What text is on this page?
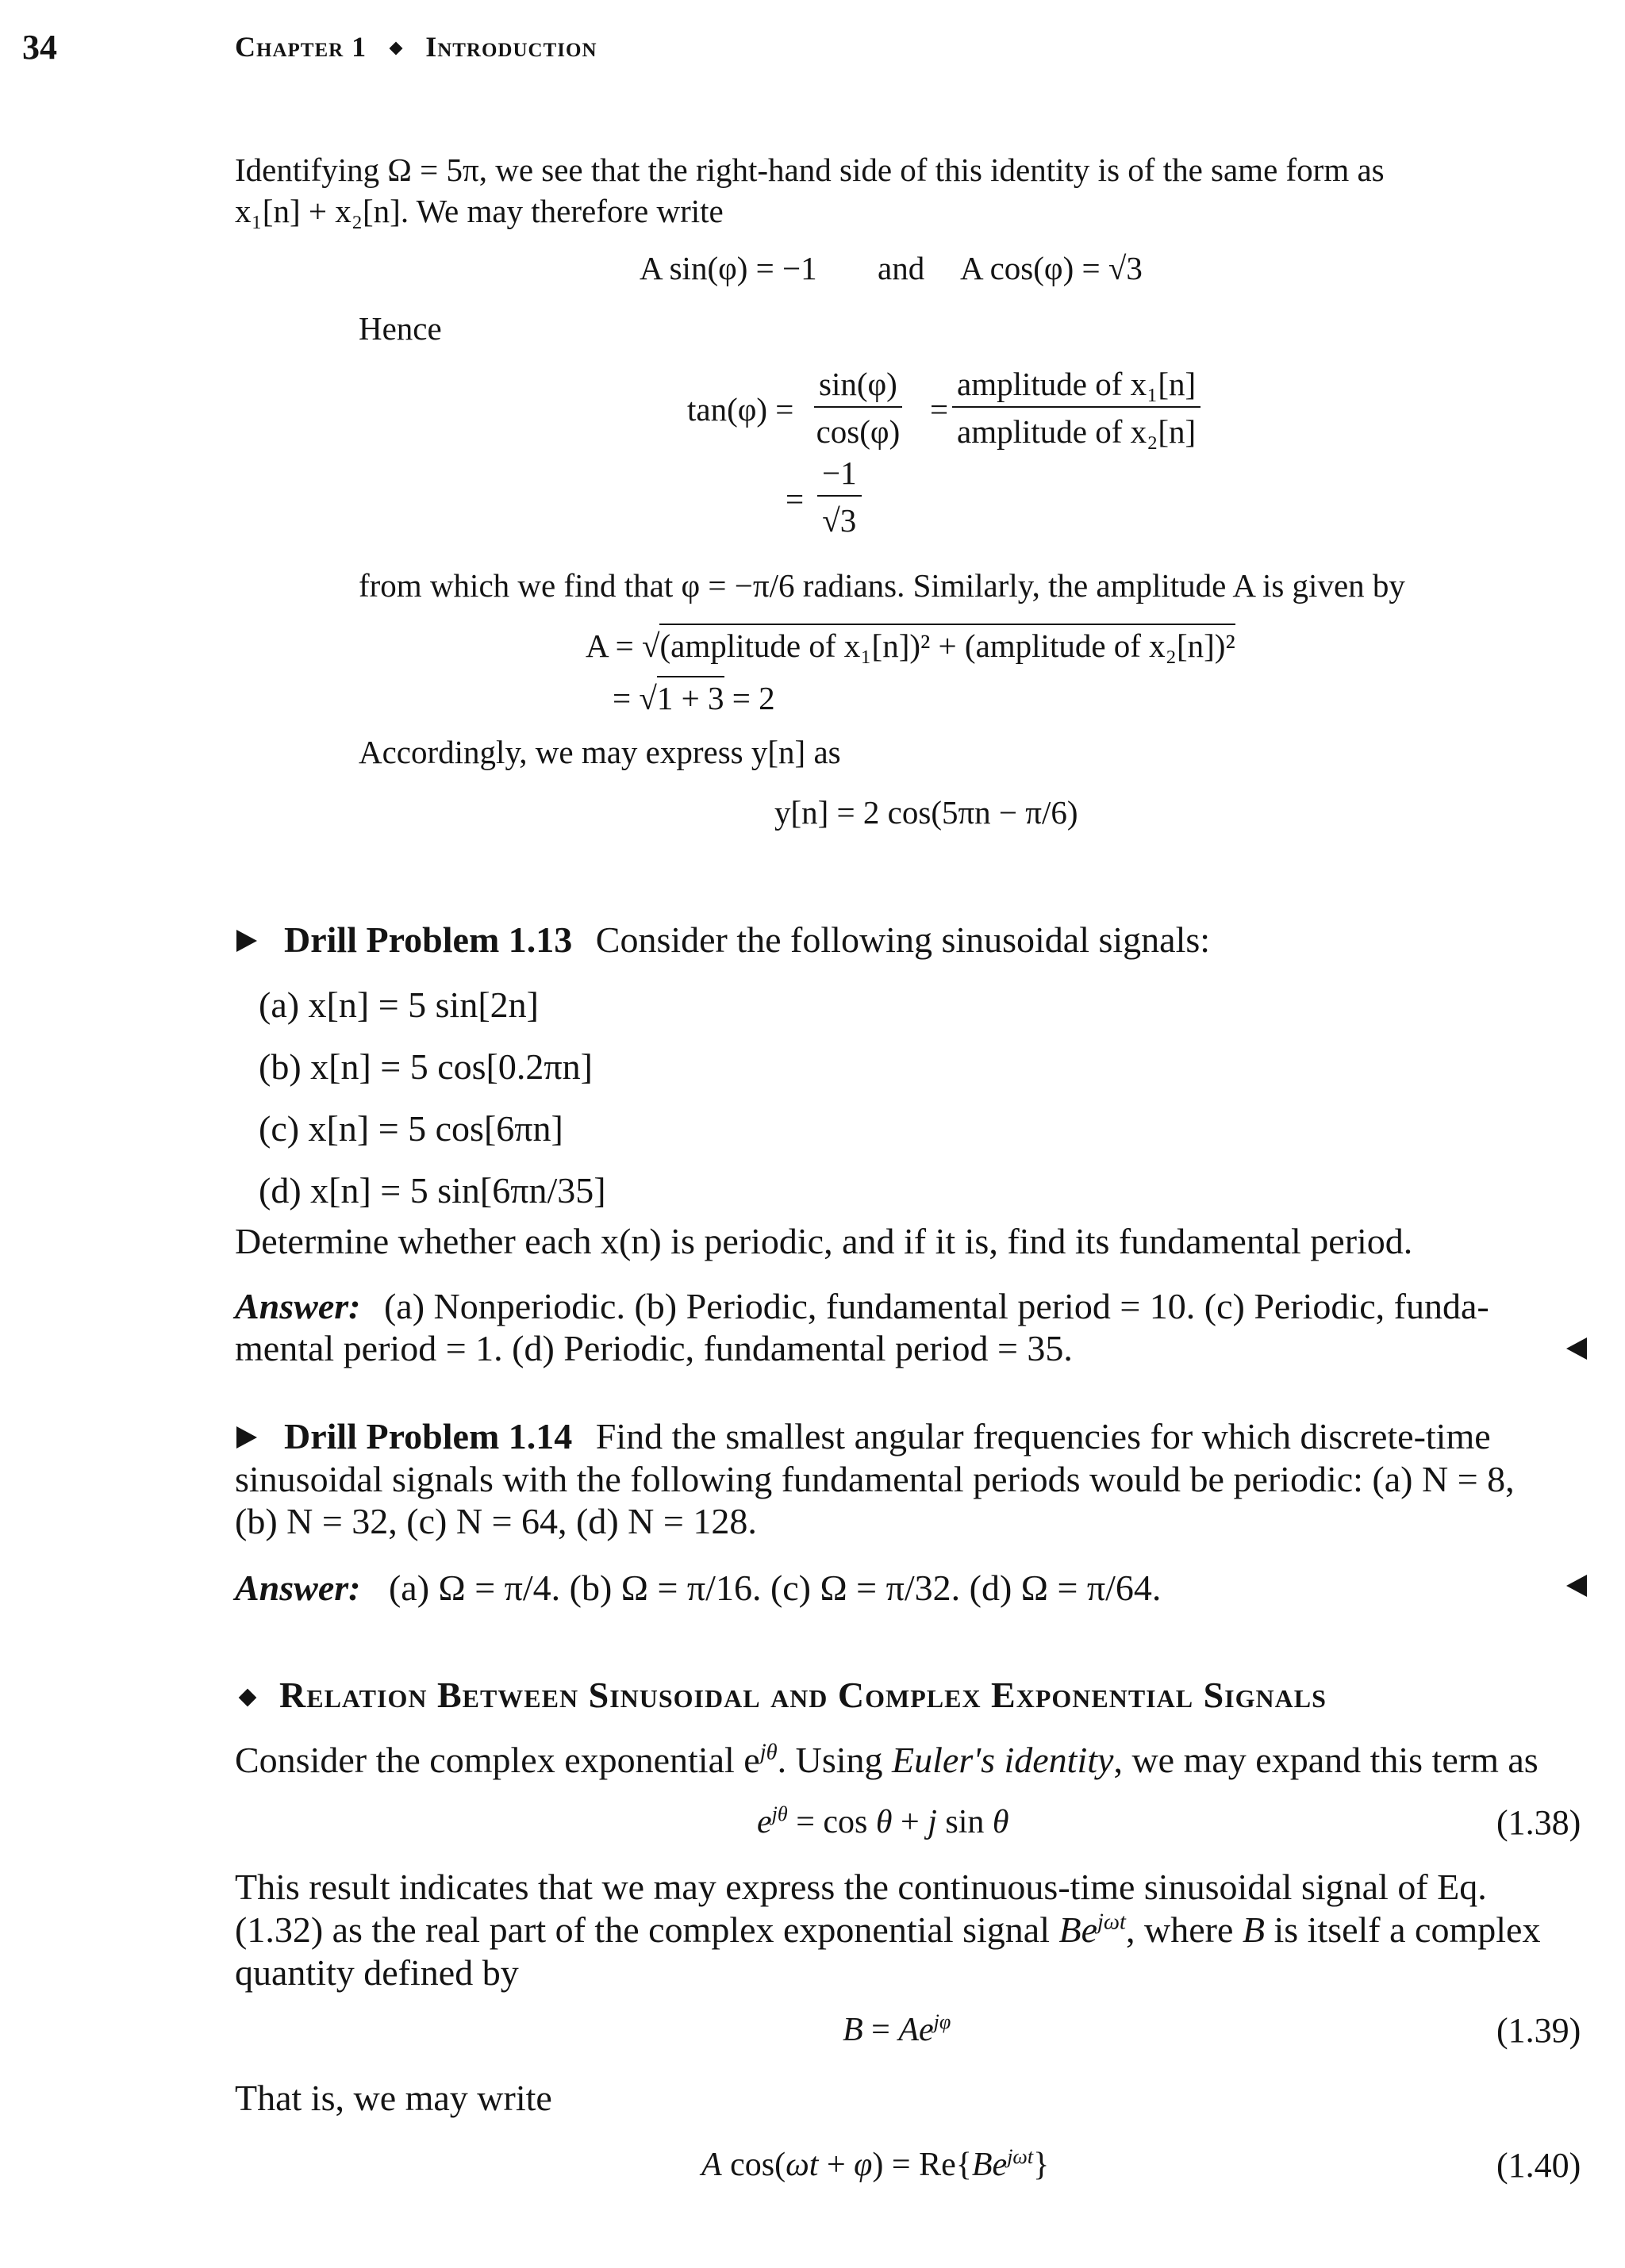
34	Chapter 1 Introduction
Identifying Ω = 5π, we see that the right-hand side of this identity is of the same form as
x₁[n] + x₂[n]. We may therefore write
A sin(φ) = −1 and A cos(φ) = √3
Hence
$\tan(\varphi) = \frac{\sin(\varphi)}{\cos(\varphi)}$ =
amplitude of x₁[n]
amplitude of x₂[n]
= $\frac{-1}{√3}$
from which we find that φ = −π/6 radians. Similarly, the amplitude A is given by
A = √(amplitude of x₁[n])² + (amplitude of x₂[n])²
= √1 + 3 = 2
Accordingly, we may express y[n] as
y[n] = 2 cos(5πn − π/6)
Drill Problem 1.13 Consider the following sinusoidal signals:
(a) x[n] = 5 sin[2n]
(b) x[n] = 5 cos[0.2πn]
(c) x[n] = 5 cos[6πn]
(d) x[n] = 5 sin[6πn/35]
Determine whether each x(n) is periodic, and if it is, find its fundamental period.
Answer: (a) Nonperiodic. (b) Periodic, fundamental period = 10. (c) Periodic, funda-
mental period = 1. (d) Periodic, fundamental period = 35.
Drill Problem 1.14 Find the smallest angular frequencies for which discrete-time
sinusoidal signals with the following fundamental periods would be periodic: (a) N = 8,
(b) N = 32, (c) N = 64, (d) N = 128.
Answer: (a) Ω = π/4. (b) Ω = π/16. (c) Ω = π/32. (d) Ω = π/64.
Relation Between Sinusoidal and Complex Exponential Signals
Consider the complex exponential $e^{j\theta}$. Using Euler's identity, we may expand this term as
$e^{j\theta} = \cos \theta + j$ sin θ	(1.38)
This result indicates that we may express the continuous-time sinusoidal signal of Eq.
(1.32) as the real part of the complex exponential signal $Be^{j\omega t}$, where B is itself a complex
quantity defined by
$B = Ae^{j\varphi}$	(1.39)
That is, we may write
A $\cos(\omega t + \varphi) = Re\{Be^{j\omega t}\}$	(1.40)
